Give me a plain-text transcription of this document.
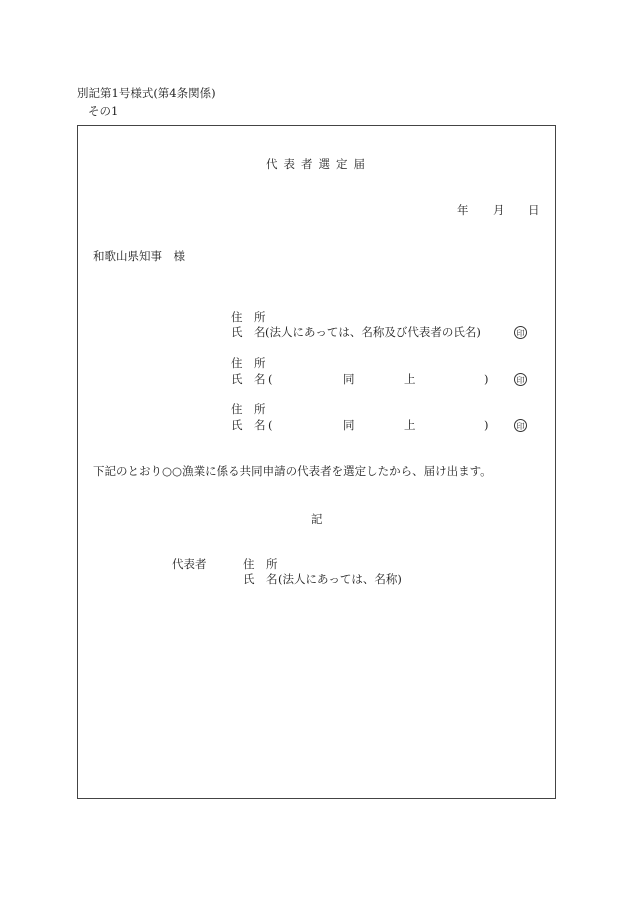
別記第1号様式(第4条関係)
その1
代表者選定届
年 月 日
和歌山県知事　様
住　所
氏　名 (法人にあっては、名称及び代表者の氏名)	印
住　所
氏　名 (	同	上	)	印
住　所
氏　名 (	同	上	)	印
下記のとおり○○漁業に係る共同申請の代表者を選定したから、届け出ます。
記
代表者	住　所
氏　名 (法人にあっては、名称)
